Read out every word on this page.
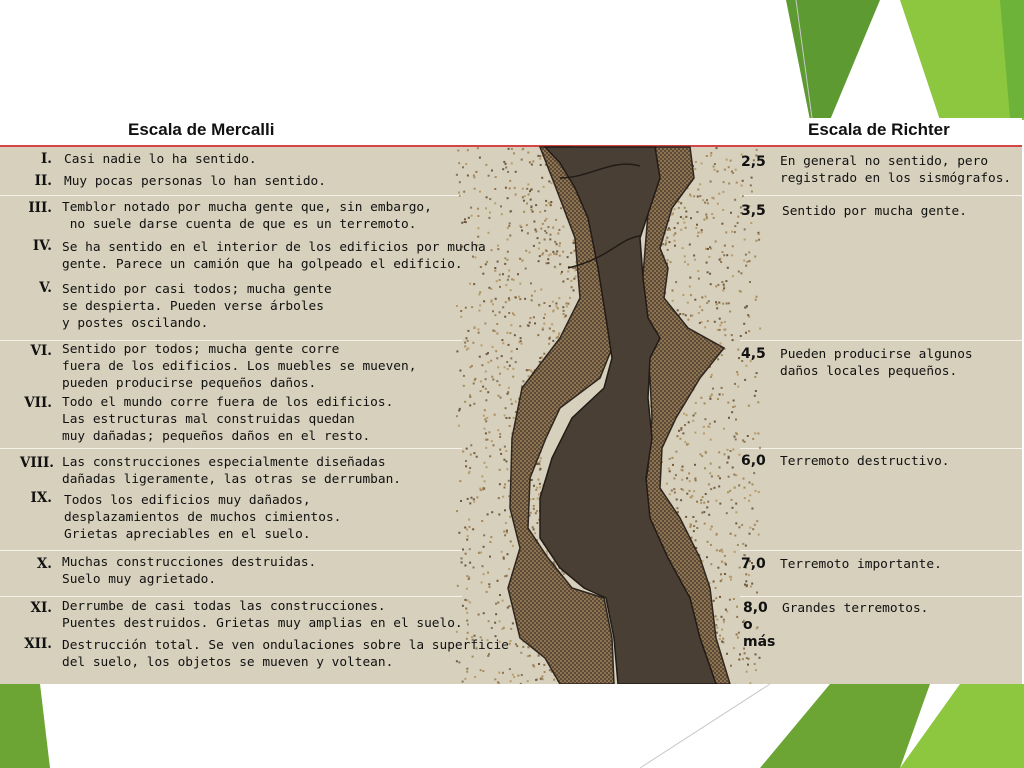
Escala de Mercalli	Escala de Richter
I. Casi nadie lo ha sentido.
II. Muy pocas personas lo han sentido.
III. Temblor notado por mucha gente que, sin embargo,
no suele darse cuenta de que es un terremoto.
IV. Se ha sentido en el interior de los edificios por mucha
gente. Parece un camión que ha golpeado el edificio.
V. Sentido por casi todos; mucha gente
se despierta. Pueden verse árboles
y postes oscilando.
VI. Sentido por todos; mucha gente corre
fuera de los edificios. Los muebles se mueven,
pueden producirse pequeños daños.
VII. Todo el mundo corre fuera de los edificios.
Las estructuras mal construidas quedan
muy dañadas; pequeños daños en el resto.
VIII. Las construcciones especialmente diseñadas
dañadas ligeramente, las otras se derrumban.
IX. Todos los edificios muy dañados,
desplazamientos de muchos cimientos.
Grietas apreciables en el suelo.
X. Muchas construcciones destruidas.
Suelo muy agrietado.
XI. Derrumbe de casi todas las construcciones.
Puentes destruidos. Grietas muy amplias en el suelo.
XII. Destrucción total. Se ven ondulaciones sobre la superficie
del suelo, los objetos se mueven y voltean.
2,5 En general no sentido, pero
registrado en los sismógrafos.
3,5 Sentido por mucha gente.
4,5 Pueden producirse algunos
daños locales pequeños.
6,0 Terremoto destructivo.
7,0 Terremoto importante.
8,0
o
más
Grandes terremotos.
